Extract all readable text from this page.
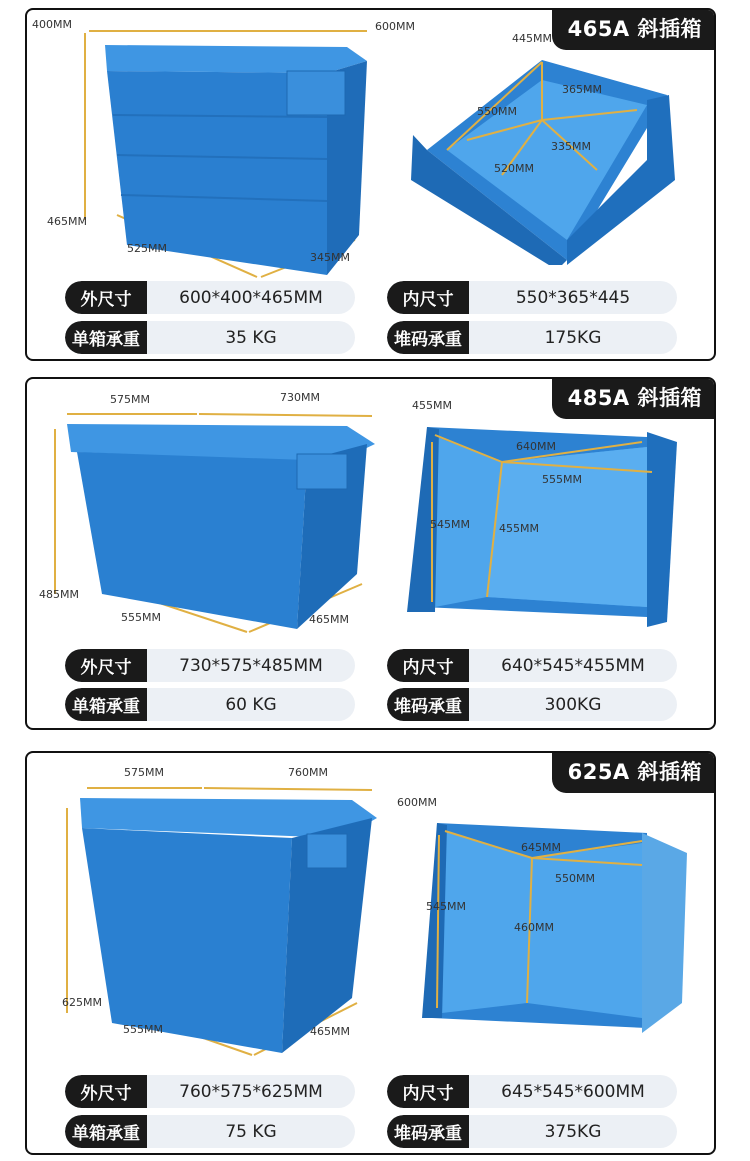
465A 斜插箱
400MM	600MM
465MM
525MM
345MM
445MM
550MM
365MM
335MM
520MM
外尺寸	600*400*465MM	内尺寸	550*365*445
单箱承重	35 KG	堆码承重	175KG
485A 斜插箱
575MM	730MM
485MM
555MM	465MM
455MM
640MM
555MM
545MM	455MM
外尺寸	730*575*485MM	内尺寸	640*545*455MM
单箱承重	60 KG	堆码承重	300KG
625A 斜插箱
575MM	760MM
625MM
555MM	465MM
600MM
645MM
550MM
545MM
460MM
外尺寸	760*575*625MM	内尺寸	645*545*600MM
单箱承重	75 KG	堆码承重	375KG
